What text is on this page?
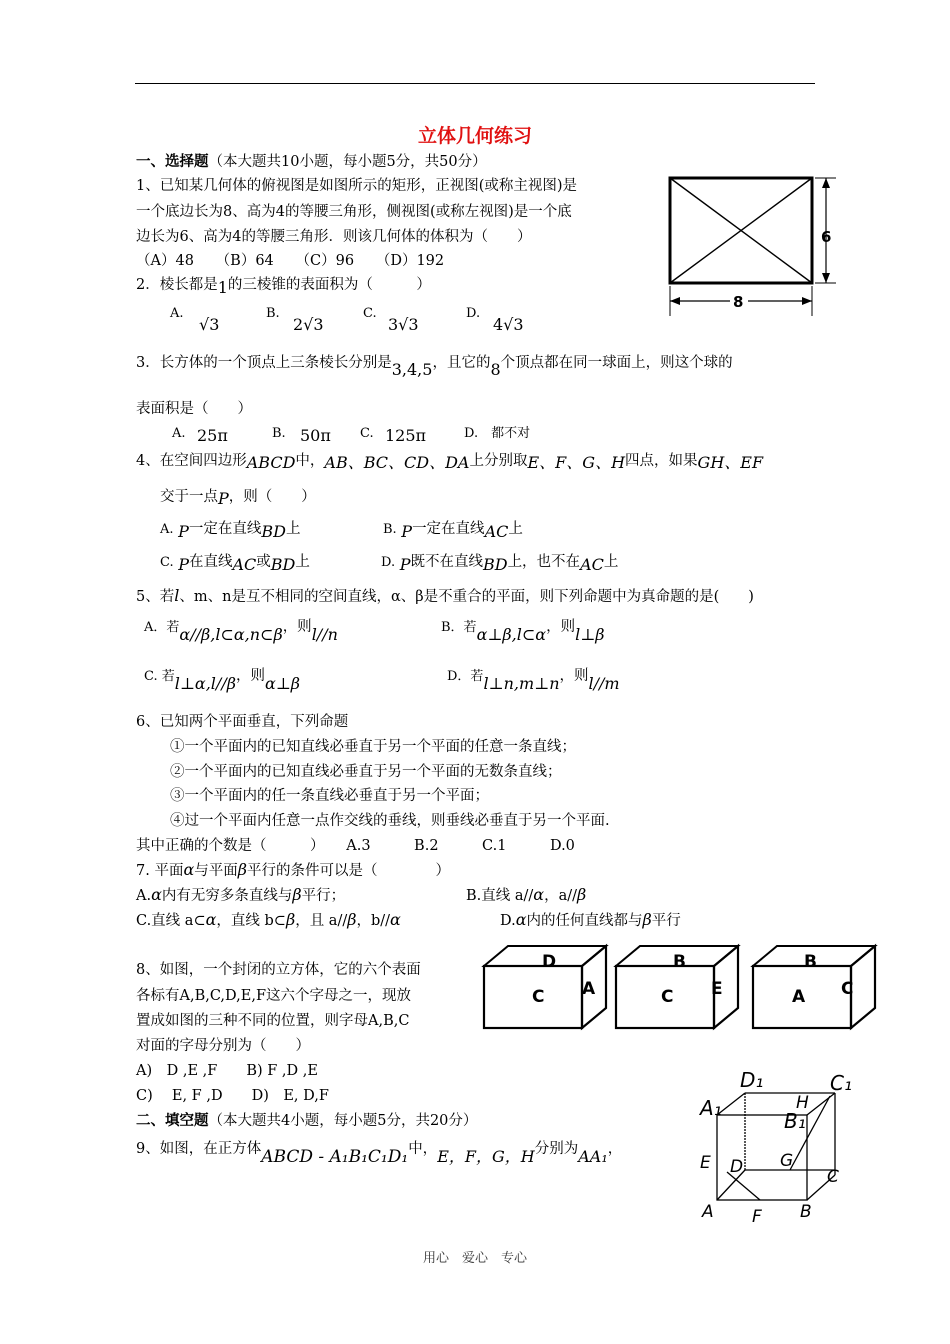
立体几何练习
一、选择题（本大题共10小题，每小题5分，共50分）
1、已知某几何体的俯视图是如图所示的矩形，正视图(或称主视图)是
一个底边长为8、高为4的等腰三角形，侧视图(或称左视图)是一个底
边长为6、高为4的等腰三角形．则该几何体的体积为（　　）
（A）48　　（B）64　　（C）96　　（D）192
6
8
2．棱长都是1的三棱锥的表面积为（　　　）
A.
√3
B.
2√3
C.
3√3
D.
4√3
3．长方体的一个顶点上三条棱长分别是3,4,5，且它的8个顶点都在同一球面上，则这个球的
表面积是（　　）
A. 25π	B. 50π C. 125π	D.　都不对
4、在空间四边形ABCD中，AB、BC、CD、DA上分别取E、F、G、H四点，如果GH、EF
交于一点P，则（　　）
A. P一定在直线BD上	B. P一定在直线AC上
C. P在直线AC或BD上	D. P既不在直线BD上，也不在AC上
5、若l、m、n是互不相同的空间直线，α、β是不重合的平面，则下列命题中为真命题的是(　　)
A．若α//β,l⊂α,n⊂β，则l//n	B．若α⊥β,l⊂α，则l⊥β
C. 若l⊥α,l//β，则α⊥β	D．若l⊥n,m⊥n，则l//m
6、已知两个平面垂直，下列命题
①一个平面内的已知直线必垂直于另一个平面的任意一条直线；
②一个平面内的已知直线必垂直于另一个平面的无数条直线；
③一个平面内的任一条直线必垂直于另一个平面；
④过一个平面内任意一点作交线的垂线，则垂线必垂直于另一个平面.
其中正确的个数是（　　　）　　A.3　　　B.2　　　C.1　　　D.0
7. 平面α与平面β平行的条件可以是（　　　　）
A.α内有无穷多条直线与β平行；	B.直线 a//α，a//β
C.直线 a⊂α，直线 b⊂β，且 a//β，b//α	D.α内的任何直线都与β平行
8、如图，一个封闭的立方体，它的六个表面
各标有A,B,C,D,E,F这六个字母之一，现放
置成如图的三种不同的位置，则字母A,B,C
对面的字母分别为（　　）
A)　D ,E ,F　　B) F ,D ,E
C)　 E, F ,D　　D)　E, D,F
D
C A
B
C E
B
A C
二、填空题（本大题共4小题，每小题5分，共20分）
9、如图，在正方体ABCD - A₁B₁C₁D₁中，E，F，G，H分别为AA₁，
D₁	C₁
A₁
B₁
H
E D G
C
A F B
用心　爱心　专心
